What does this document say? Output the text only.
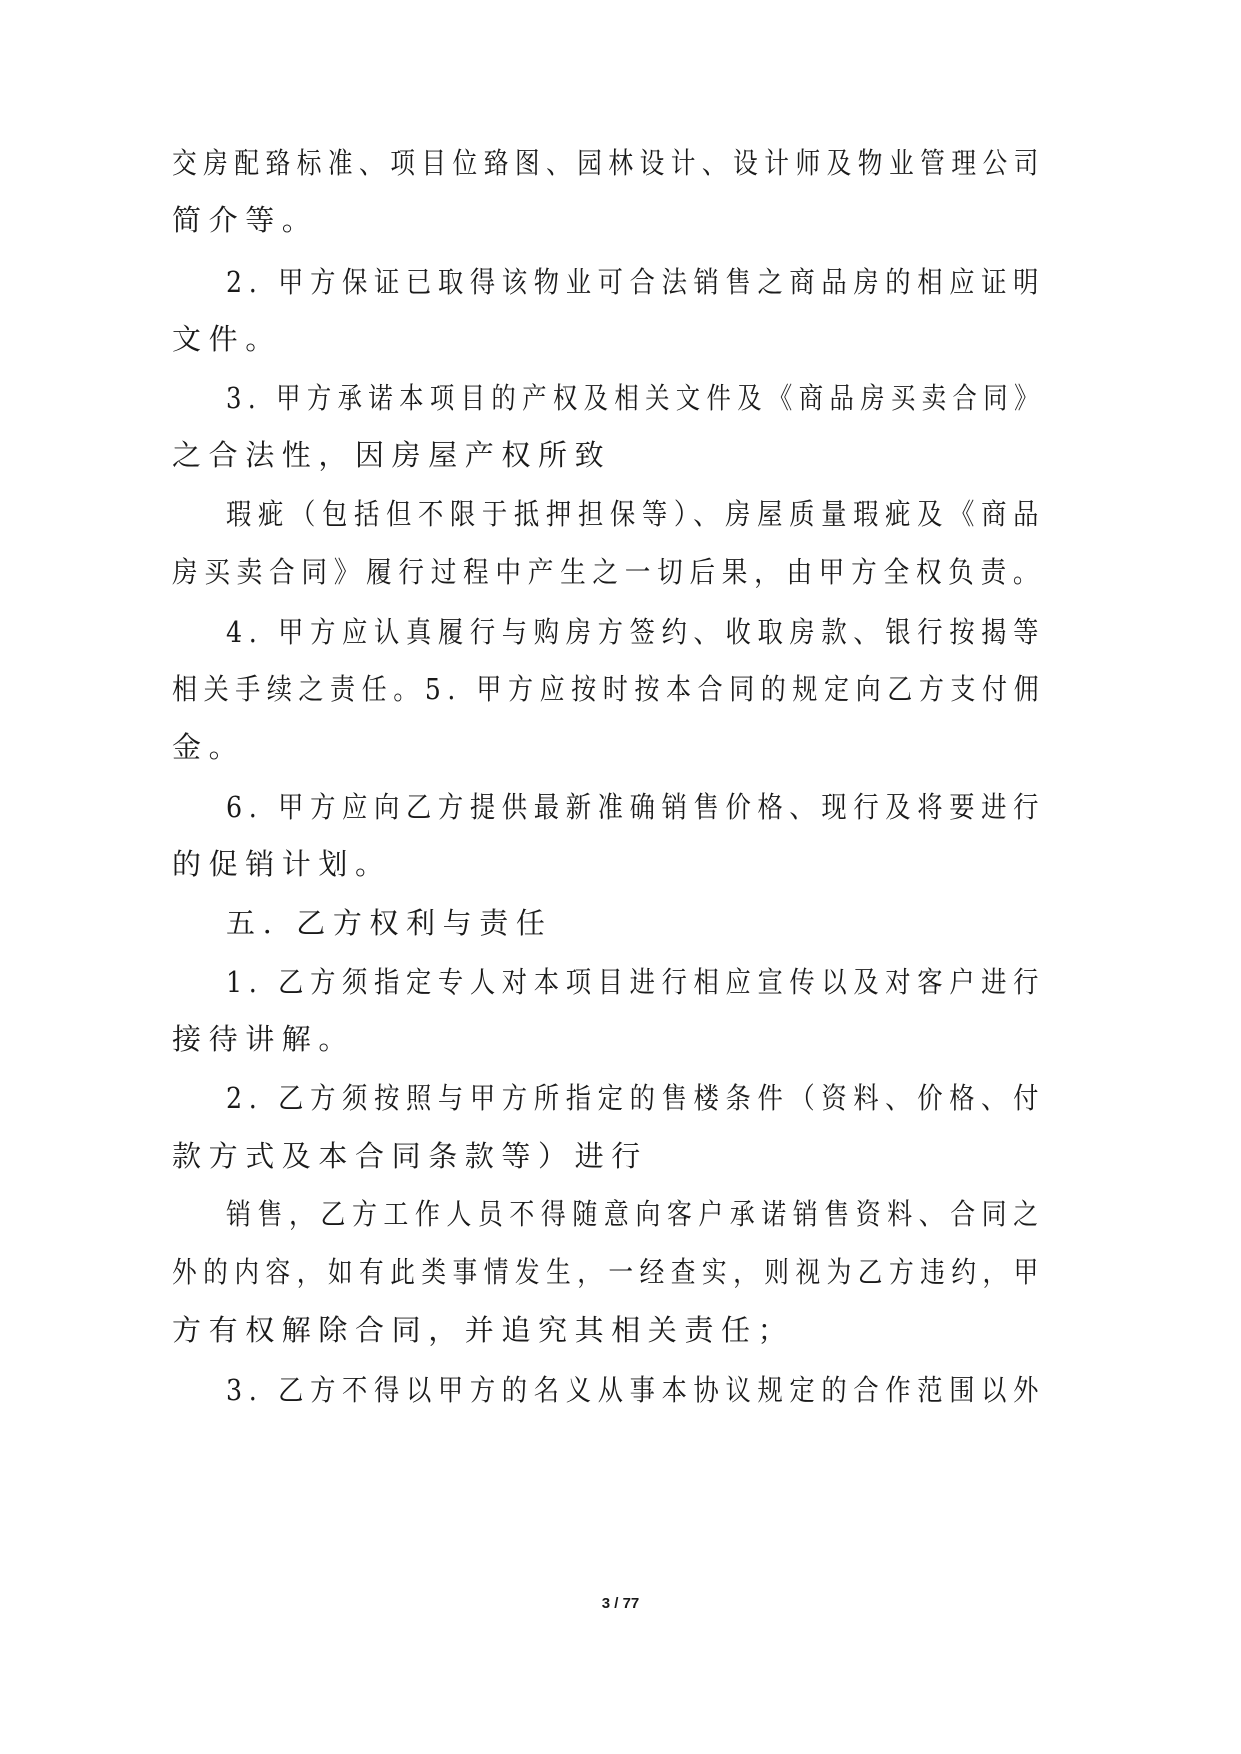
交房配臵标准、项目位臵图、园林设计、设计师及物业管理公司
简介等。
2. 甲方保证已取得该物业可合法销售之商品房的相应证明
文件。
3. 甲方承诺本项目的产权及相关文件及《商品房买卖合同》
之合法性，因房屋产权所致
瑕疵（包括但不限于抵押担保等）、房屋质量瑕疵及《商品
房买卖合同》履行过程中产生之一切后果，由甲方全权负责。
4. 甲方应认真履行与购房方签约、收取房款、银行按揭等
相关手续之责任。5. 甲方应按时按本合同的规定向乙方支付佣
金。
6. 甲方应向乙方提供最新准确销售价格、现行及将要进行
的促销计划。
五. 乙方权利与责任
1. 乙方须指定专人对本项目进行相应宣传以及对客户进行
接待讲解。
2. 乙方须按照与甲方所指定的售楼条件（资料、价格、付
款方式及本合同条款等）进行
销售，乙方工作人员不得随意向客户承诺销售资料、合同之
外的内容，如有此类事情发生，一经查实，则视为乙方违约，甲
方有权解除合同，并追究其相关责任；
3. 乙方不得以甲方的名义从事本协议规定的合作范围以外
3 / 77
